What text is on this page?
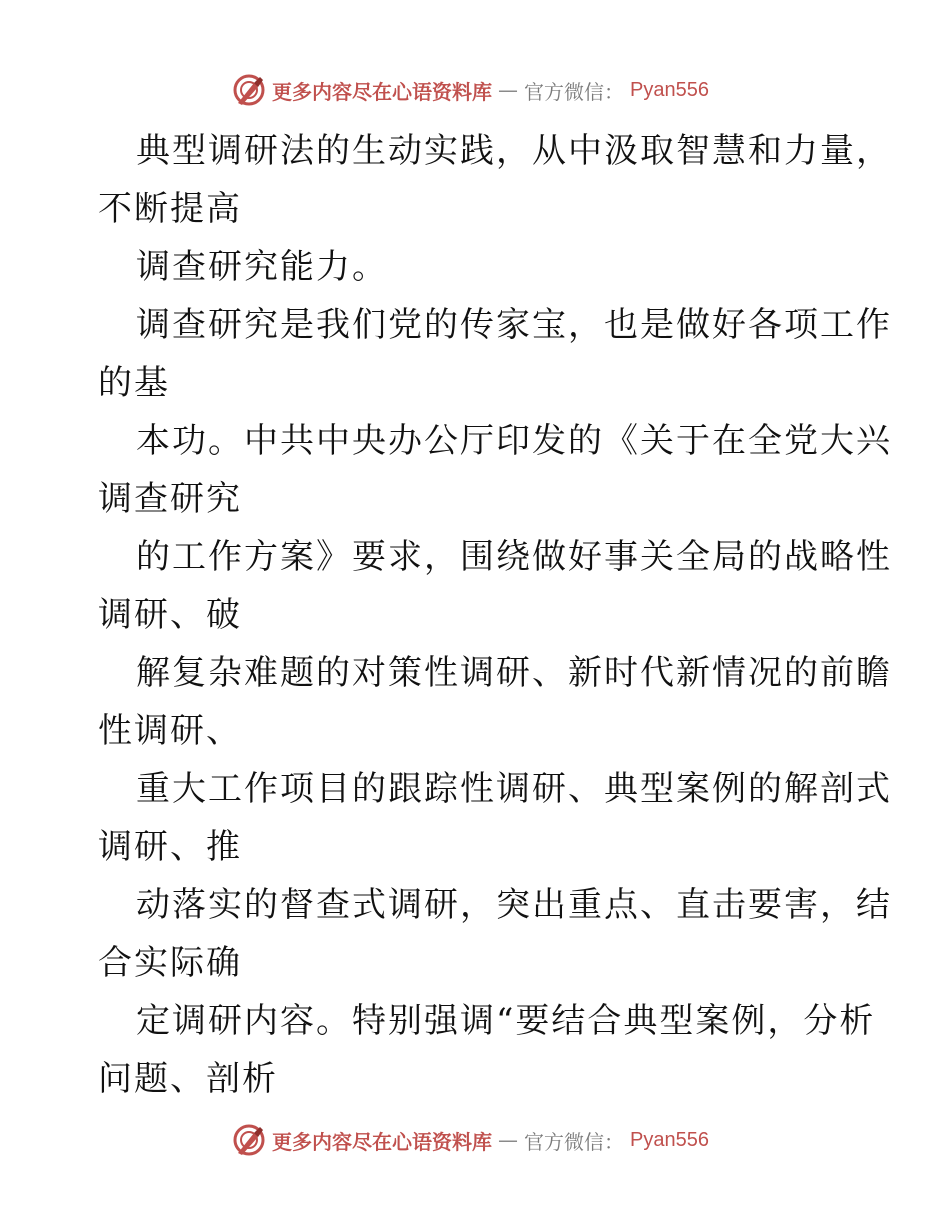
更多内容尽在心语资料库 — 官方微信： Pyan556
典型调研法的生动实践，从中汲取智慧和力量，
不断提高
调查研究能力。
调查研究是我们党的传家宝，也是做好各项工作
的基
本功。中共中央办公厅印发的《关于在全党大兴
调查研究
的工作方案》要求，围绕做好事关全局的战略性
调研、破
解复杂难题的对策性调研、新时代新情况的前瞻
性调研、
重大工作项目的跟踪性调研、典型案例的解剖式
调研、推
动落实的督查式调研，突出重点、直击要害，结
合实际确
定调研内容。特别强调“要结合典型案例，分析
问题、剖析
更多内容尽在心语资料库 — 官方微信： Pyan556
